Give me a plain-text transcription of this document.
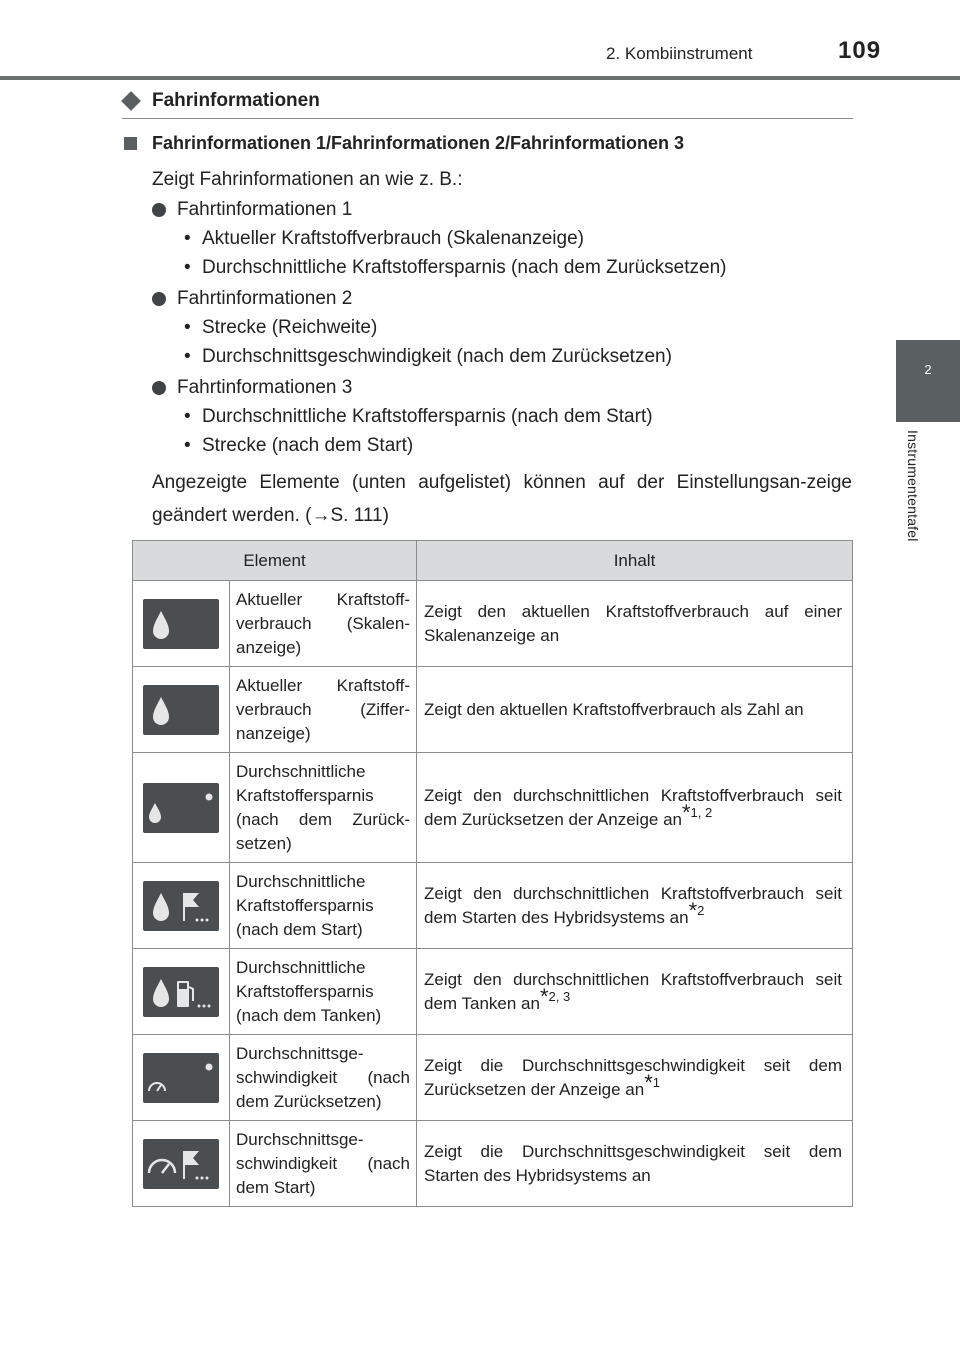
2. Kombiinstrument	109
2
Instrumententafel
Fahrinformationen
Fahrinformationen 1/Fahrinformationen 2/Fahrinformationen 3
Zeigt Fahrinformationen an wie z. B.:
Fahrtinformationen 1
• Aktueller Kraftstoffverbrauch (Skalenanzeige)
• Durchschnittliche Kraftstoffersparnis (nach dem Zurücksetzen)
Fahrtinformationen 2
• Strecke (Reichweite)
• Durchschnittsgeschwindigkeit (nach dem Zurücksetzen)
Fahrtinformationen 3
• Durchschnittliche Kraftstoffersparnis (nach dem Start)
• Strecke (nach dem Start)
Angezeigte Elemente (unten aufgelistet) können auf der Einstellungsan-zeige geändert werden. (→S. 111)
Element		Inhalt

	Aktueller Kraftstoff-verbrauch (Skalen-anzeige)	Zeigt den aktuellen Kraftstoffverbrauch auf einer Skalenanzeige an

	Aktueller Kraftstoff-verbrauch (Ziffer-nanzeige)	Zeigt den aktuellen Kraftstoffverbrauch als Zahl an

	Durchschnittliche Kraftstoffersparnis (nach dem Zurück-setzen)	Zeigt den durchschnittlichen Kraftstoffverbrauch seit dem Zurücksetzen der Anzeige an$^{*1, 2}$

	Durchschnittliche Kraftstoffersparnis (nach dem Start)	Zeigt den durchschnittlichen Kraftstoffverbrauch seit dem Starten des Hybridsystems an$^{*2}$

	Durchschnittliche Kraftstoffersparnis (nach dem Tanken)	Zeigt den durchschnittlichen Kraftstoffverbrauch seit dem Tanken an$^{*2, 3}$

	Durchschnittsge-schwindigkeit (nach dem Zurücksetzen)	Zeigt die Durchschnittsgeschwindigkeit seit dem Zurücksetzen der Anzeige an$^{*1}$

	Durchschnittsge-schwindigkeit (nach dem Start)	Zeigt die Durchschnittsgeschwindigkeit seit dem Starten des Hybridsystems an
